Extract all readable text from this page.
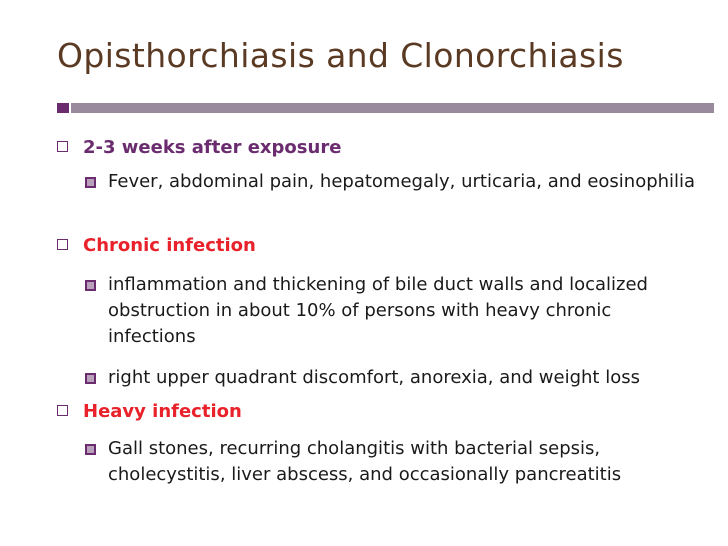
Opisthorchiasis and Clonorchiasis
2-3 weeks after exposure
Fever, abdominal pain, hepatomegaly, urticaria, and eosinophilia
Chronic infection
inflammation and thickening of bile duct walls and localized obstruction in about 10% of persons with heavy chronic infections
right upper quadrant discomfort, anorexia, and weight loss
Heavy infection
Gall stones, recurring cholangitis with bacterial sepsis, cholecystitis, liver abscess, and occasionally pancreatitis
